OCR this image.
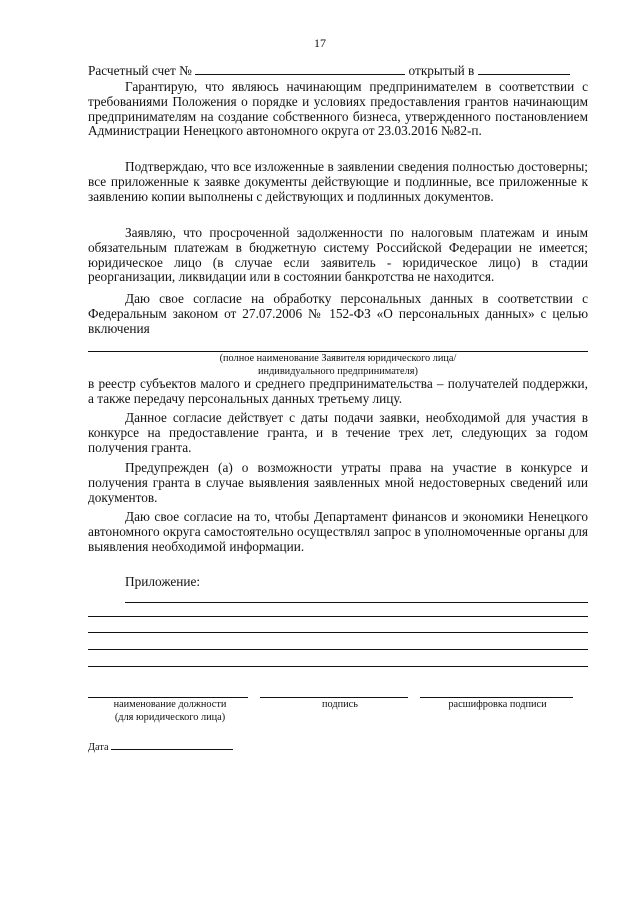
17
Расчетный счет №	открытый в

Гарантирую, что являюсь начинающим предпринимателем в соответствии с требованиями Положения о порядке и условиях предоставления грантов начинающим предпринимателям на создание собственного бизнеса, утвержденного постановлением Администрации Ненецкого автономного округа от 23.03.2016 №82-п.

Подтверждаю, что все изложенные в заявлении сведения полностью достоверны; все приложенные к заявке документы действующие и подлинные, все приложенные к заявлению копии выполнены с действующих и подлинных документов.

Заявляю, что просроченной задолженности по налоговым платежам и иным обязательным платежам в бюджетную систему Российской Федерации не имеется; юридическое лицо (в случае если заявитель - юридическое лицо) в стадии реорганизации, ликвидации или в состоянии банкротства не находится.

Даю свое согласие на обработку персональных данных в соответствии с Федеральным законом от 27.07.2006 № 152-ФЗ «О персональных данных» с целью включения

(полное наименование Заявителя юридического лица/
индивидуального предпринимателя)

в реестр субъектов малого и среднего предпринимательства – получателей поддержки, а также передачу персональных данных третьему лицу.

Данное согласие действует с даты подачи заявки, необходимой для участия в конкурсе на предоставление гранта, и в течение трех лет, следующих за годом получения гранта.

Предупрежден (а) о возможности утраты права на участие в конкурсе и получения гранта в случае выявления заявленных мной недостоверных сведений или документов.

Даю свое согласие на то, чтобы Департамент финансов и экономики Ненецкого автономного округа самостоятельно осуществлял запрос в уполномоченные органы для выявления необходимой информации.

Приложение:
наименование должности
(для юридического лица)
подпись	расшифровка подписи
Дата
